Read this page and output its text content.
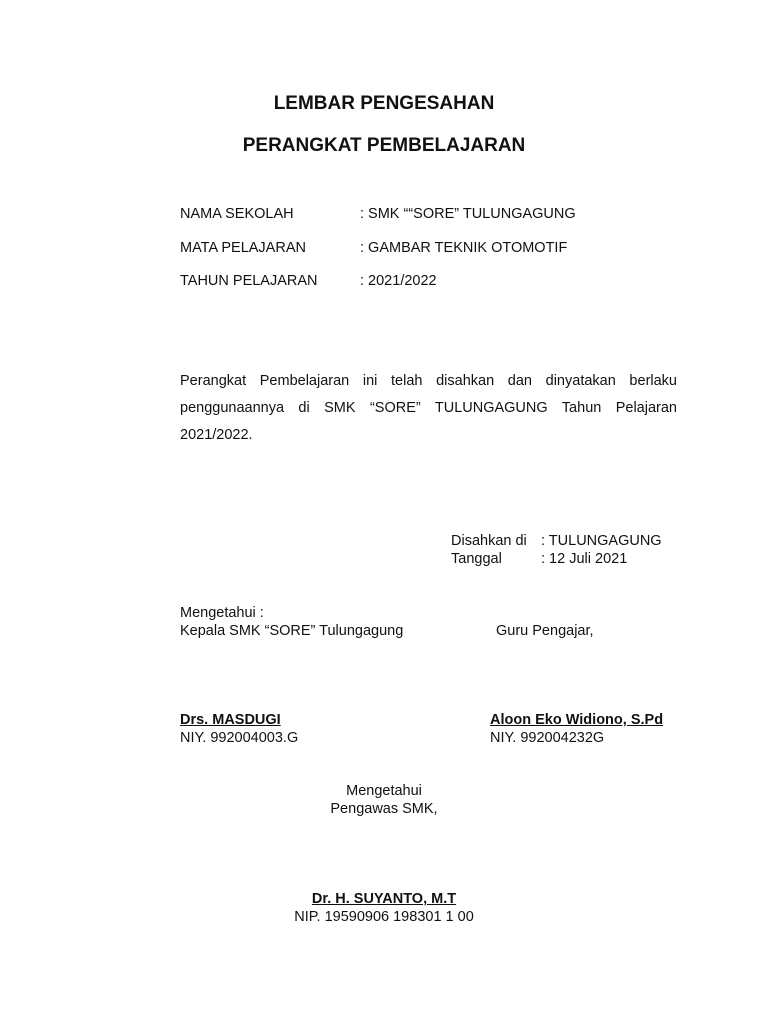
LEMBAR PENGESAHAN
PERANGKAT PEMBELAJARAN
NAMA SEKOLAH	: SMK ““SORE” TULUNGAGUNG
MATA PELAJARAN	: GAMBAR TEKNIK OTOMOTIF
TAHUN PELAJARAN	: 2021/2022
Perangkat Pembelajaran ini telah disahkan dan dinyatakan berlaku penggunaannya di SMK “SORE” TULUNGAGUNG Tahun Pelajaran 2021/2022.
Disahkan di : TULUNGAGUNG
Tanggal	: 12 Juli 2021
Mengetahui :
Kepala SMK “SORE” Tulungagung	Guru Pengajar,
Drs. MASDUGI
NIY. 992004003.G
Aloon Eko Widiono, S.Pd
NIY. 992004232G
Mengetahui
Pengawas SMK,
Dr. H. SUYANTO, M.T
NIP. 19590906 198301 1 00
